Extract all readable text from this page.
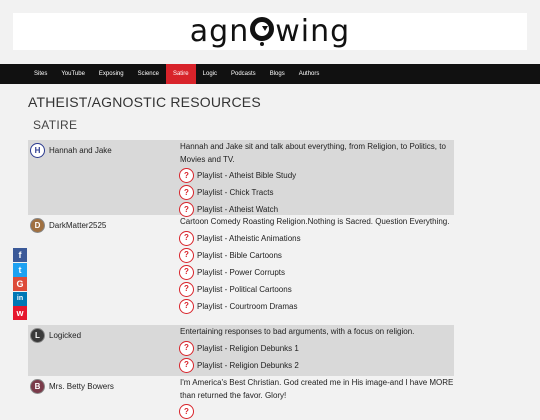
agn wing
Sites	YouTube	Exposing	Science	Satire	Logic	Podcasts	Blogs	Authors
ATHEIST/AGNOSTIC RESOURCES
SATIRE
H	Hannah and Jake	Hannah and Jake sit and talk about everything, from Religion, to Politics, to Movies and TV.
? Playlist - Atheist Bible Study
? Playlist - Chick Tracts
? Playlist - Atheist Watch
D	DarkMatter2525	Cartoon Comedy Roasting Religion.Nothing is Sacred. Question Everything.
? Playlist - Atheistic Animations
? Playlist - Bible Cartoons
? Playlist - Power Corrupts
? Playlist - Political Cartoons
? Playlist - Courtroom Dramas
L	Logicked	Entertaining responses to bad arguments, with a focus on religion.
? Playlist - Religion Debunks 1
? Playlist - Religion Debunks 2
B	Mrs. Betty Bowers	I'm America's Best Christian. God created me in His image-and I have MORE than returned the favor. Glory!
?
f
t
G
in
w
